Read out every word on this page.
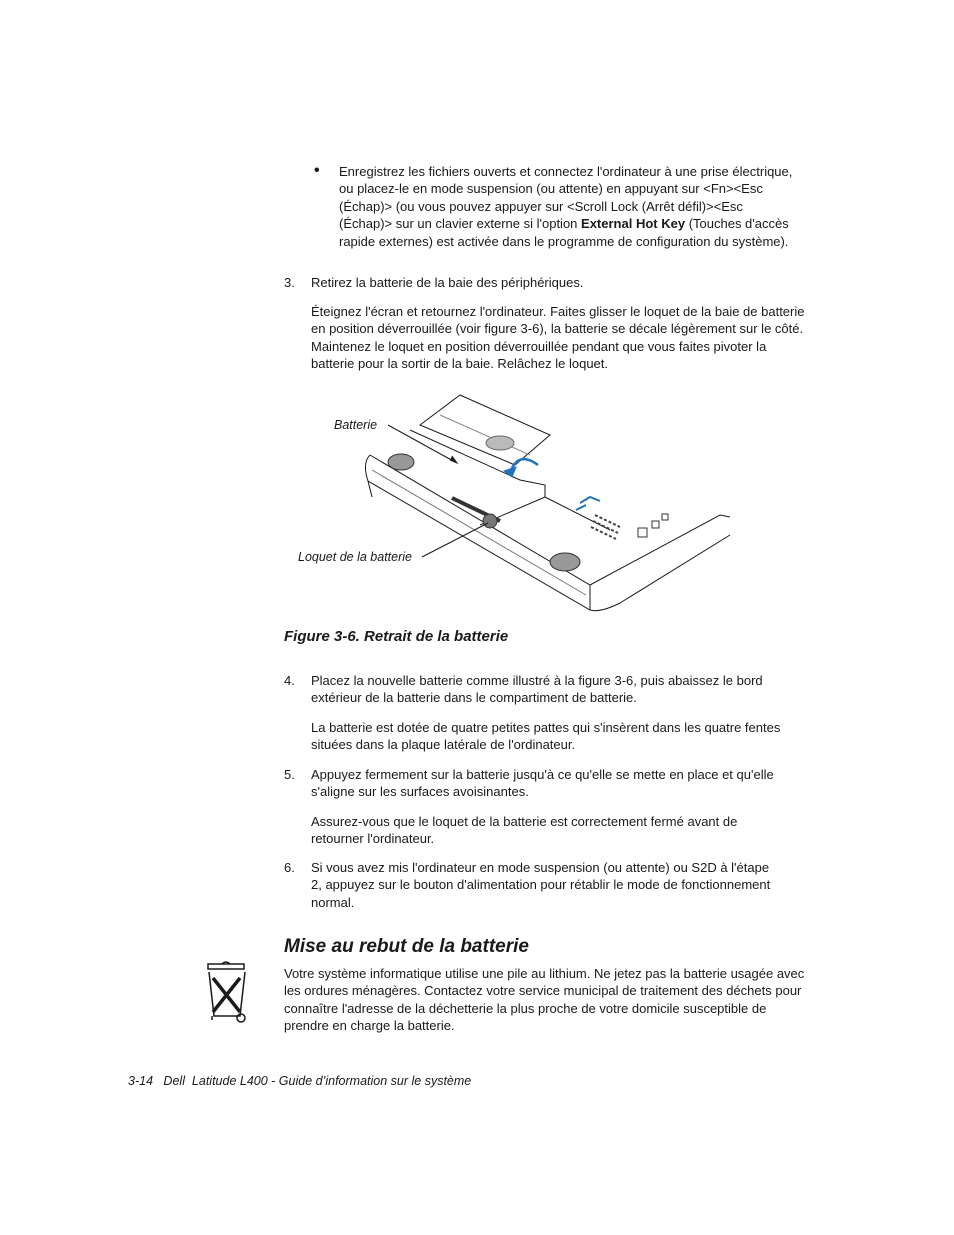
• Enregistrez les fichiers ouverts et connectez l'ordinateur à une prise électrique, ou placez-le en mode suspension (ou attente) en appuyant sur <Fn><Esc (Échap)> (ou vous pouvez appuyer sur <Scroll Lock (Arrêt défil)><Esc (Échap)> sur un clavier externe si l'option External Hot Key (Touches d'accès rapide externes) est activée dans le programme de configuration du système).
3. Retirez la batterie de la baie des périphériques.
Éteignez l'écran et retournez l'ordinateur. Faites glisser le loquet de la baie de batterie en position déverrouillée (voir figure 3-6), la batterie se décale légèrement sur le côté. Maintenez le loquet en position déverrouillée pendant que vous faites pivoter la batterie pour la sortir de la baie. Relâchez le loquet.
Batterie
Loquet de la batterie
Figure 3-6. Retrait de la batterie
4. Placez la nouvelle batterie comme illustré à la figure 3-6, puis abaissez le bord extérieur de la batterie dans le compartiment de batterie.
La batterie est dotée de quatre petites pattes qui s'insèrent dans les quatre fentes situées dans la plaque latérale de l'ordinateur.
5. Appuyez fermement sur la batterie jusqu'à ce qu'elle se mette en place et qu'elle s'aligne sur les surfaces avoisinantes.
Assurez-vous que le loquet de la batterie est correctement fermé avant de retourner l'ordinateur.
6. Si vous avez mis l'ordinateur en mode suspension (ou attente) ou S2D à l'étape 2, appuyez sur le bouton d'alimentation pour rétablir le mode de fonctionnement normal.
Mise au rebut de la batterie
Votre système informatique utilise une pile au lithium. Ne jetez pas la batterie usagée avec les ordures ménagères. Contactez votre service municipal de traitement des déchets pour connaître l'adresse de la déchetterie la plus proche de votre domicile susceptible de prendre en charge la batterie.
3-14   Dell  Latitude L400 - Guide d’information sur le système
